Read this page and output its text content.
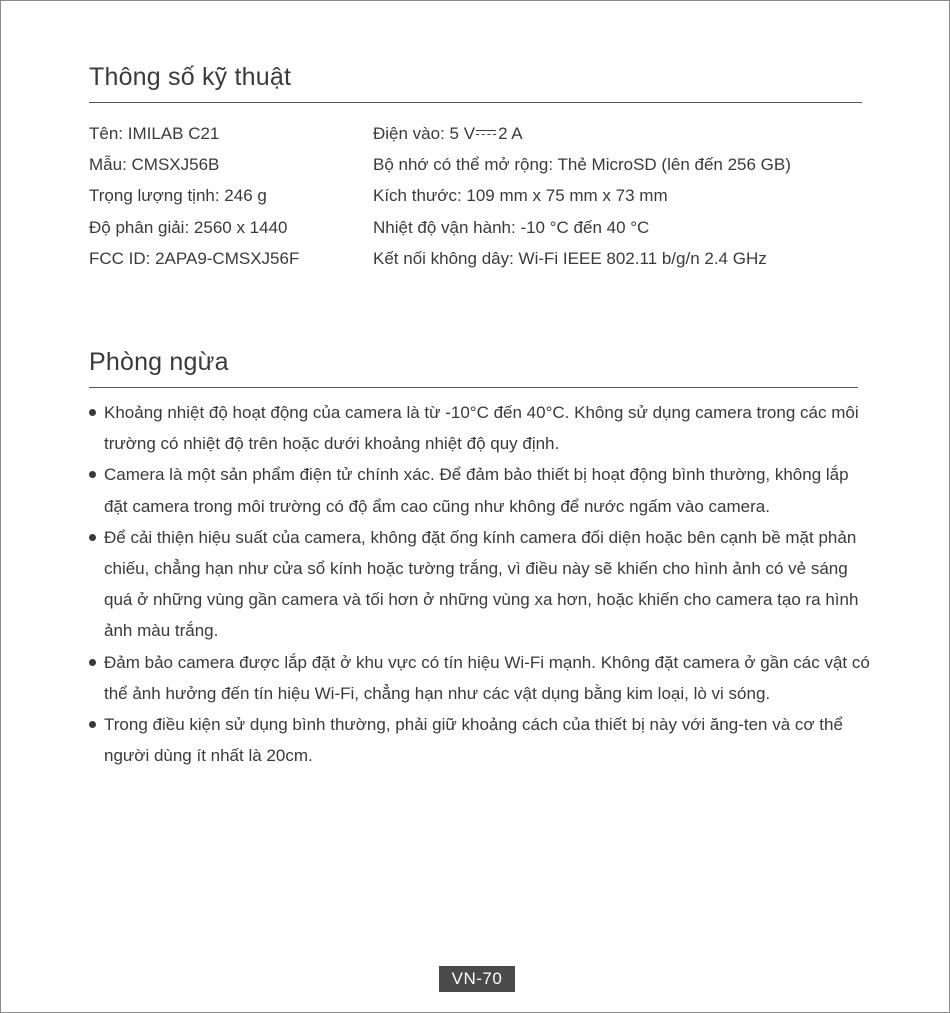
Thông số kỹ thuật
Tên: IMILAB C21
Mẫu: CMSXJ56B
Trọng lượng tịnh: 246 g
Độ phân giải: 2560 x 1440
FCC ID: 2APA9-CMSXJ56F
Điện vào: 5 V 2 A
Bộ nhớ có thể mở rộng: Thẻ MicroSD (lên đến 256 GB)
Kích thước: 109 mm x 75 mm x 73 mm
Nhiệt độ vận hành: -10 °C đến 40 °C
Kết nối không dây: Wi-Fi IEEE 802.11 b/g/n 2.4 GHz
Phòng ngừa
Khoảng nhiệt độ hoạt động của camera là từ -10°C đến 40°C. Không sử dụng camera trong các môi trường có nhiệt độ trên hoặc dưới khoảng nhiệt độ quy định.
Camera là một sản phẩm điện tử chính xác. Để đảm bảo thiết bị hoạt động bình thường, không lắp đặt camera trong môi trường có độ ẩm cao cũng như không để nước ngấm vào camera.
Để cải thiện hiệu suất của camera, không đặt ống kính camera đối diện hoặc bên cạnh bề mặt phản chiếu, chẳng hạn như cửa sổ kính hoặc tường trắng, vì điều này sẽ khiến cho hình ảnh có vẻ sáng quá ở những vùng gần camera và tối hơn ở những vùng xa hơn, hoặc khiến cho camera tạo ra hình ảnh màu trắng.
Đảm bảo camera được lắp đặt ở khu vực có tín hiệu Wi-Fi mạnh. Không đặt camera ở gần các vật có thể ảnh hưởng đến tín hiệu Wi-Fi, chẳng hạn như các vật dụng bằng kim loại, lò vi sóng.
Trong điều kiện sử dụng bình thường, phải giữ khoảng cách của thiết bị này với ăng-ten và cơ thể người dùng ít nhất là 20cm.
VN-70
